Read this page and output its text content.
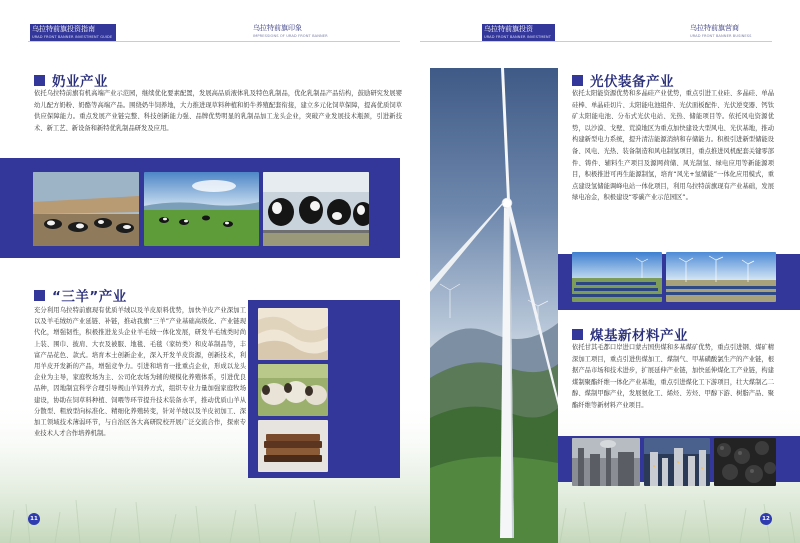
乌拉特前旗投资指南
URAD FRONT BANNER INVESTMENT GUIDE
乌拉特前旗印象
IMPRESSIONS OF URAD FRONT BANNER
乌拉特前旗投资
URAD FRONT BANNER INVESTMENT
乌拉特前旗营商
URAD FRONT BANNER BUSINESS
奶业产业
依托乌拉特前旗有机高端产业示范园，继续优化要素配置，发展高品质液体乳及特色乳制品，优化乳制品产品结构，鼓励研究发展婴幼儿配方奶粉、奶酪等高端产品。围绕奶牛饲养地，大力推进现草料种植和奶牛养殖配套衔接，建立多元化饲草保障，提高优质饲草供应保障能力。重点发展产业链完整、科技创新能力强、品牌优势明显的乳制品加工龙头企业，突破产业发展技术瓶颈，引进新技术、新工艺、新设备和新特优乳制品研发及应用。
“三羊”产业
充分利用乌拉特前旗现有优质羊绒以及羊皮原料优势，加快羊皮产业深加工以及羊毛绒纺产业延链、补链，推动我旗“三羊”产业基础高级化、产业链现代化，增强韧性，积极推进龙头企业羊毛绒一体化发展，研发羊毛绒类时尚上装、围巾、披肩、大衣及被服、地毯、毛毯（家纺类）和皮革制品等，丰富产品花色、款式。培育本土创新企业，深入开发羊皮资源，创新技术，利用羊皮开发新的产品，增强竞争力。引进和培育一批重点企业，形成以龙头企业为主导，家庭牧场为主、公司化农场为辅的规模化养殖体系，引进优良品种，因地制宜科学合理引导规山羊饲养方式，组织专业力量加强家庭牧场建设，协助在饲草料种植、饲喂等环节提升技术装备水平，推动优质山羊从分散型、粗放型向标准化、精细化养殖转变，针对羊绒以及羊皮初加工、深加工领域技术薄弱环节，与自治区各大高研院校开展广泛交流合作，探索专业技术人才合作培养机制。
11
光伏装备产业
依托太阳能资源优势和多晶硅产业优势，重点引进工业硅、多晶硅、单晶硅棒、单晶硅切片、太阳能电池组件、光伏面板配件、光伏逆变器、钙钛矿太阳能电池、分布式光伏电站、光热、储能项目等。依托风电资源优势，以沙漠、戈壁、荒漠地区为重点加快建设大型风电、光伏基地，推动构建新型电力系统，提升清洁能源消纳和存储能力。积极引进新型储能设备、风电、光热、装备制造和风电制氢项目，重点推进风机配套关键零部件、铸件、辅料生产项目及源网荷储、风光制氢、绿电应用等新能源项目，积极推进可再生能源制氢，培育“风光+氢储能”一体化应用模式，重点建设氢储能调峰电站一体化项目，利用乌拉特前旗现有产业基础，发展绿电冶金，积极建设“零碳产业示范园区”。
煤基新材料产业
依托甘其毛都口岸进口蒙古国焦煤和多基煤矿优势，重点引进钢、煤矿精深加工项目，重点引进焦煤加工、煤制气、甲基磺酸氯生产的产业链，根据产品市场和技术进步，扩展延伸产业链，加快延伸煤化工产业链，构建煤制聚酯纤维一体化产业基地，重点引进煤化工下游项目，壮大煤制乙二醇、煤制甲醇产业，发展氨化工、烯烃、芳烃、甲醇下游、树脂产品、聚酯纤维等新材料产业项目。
12
